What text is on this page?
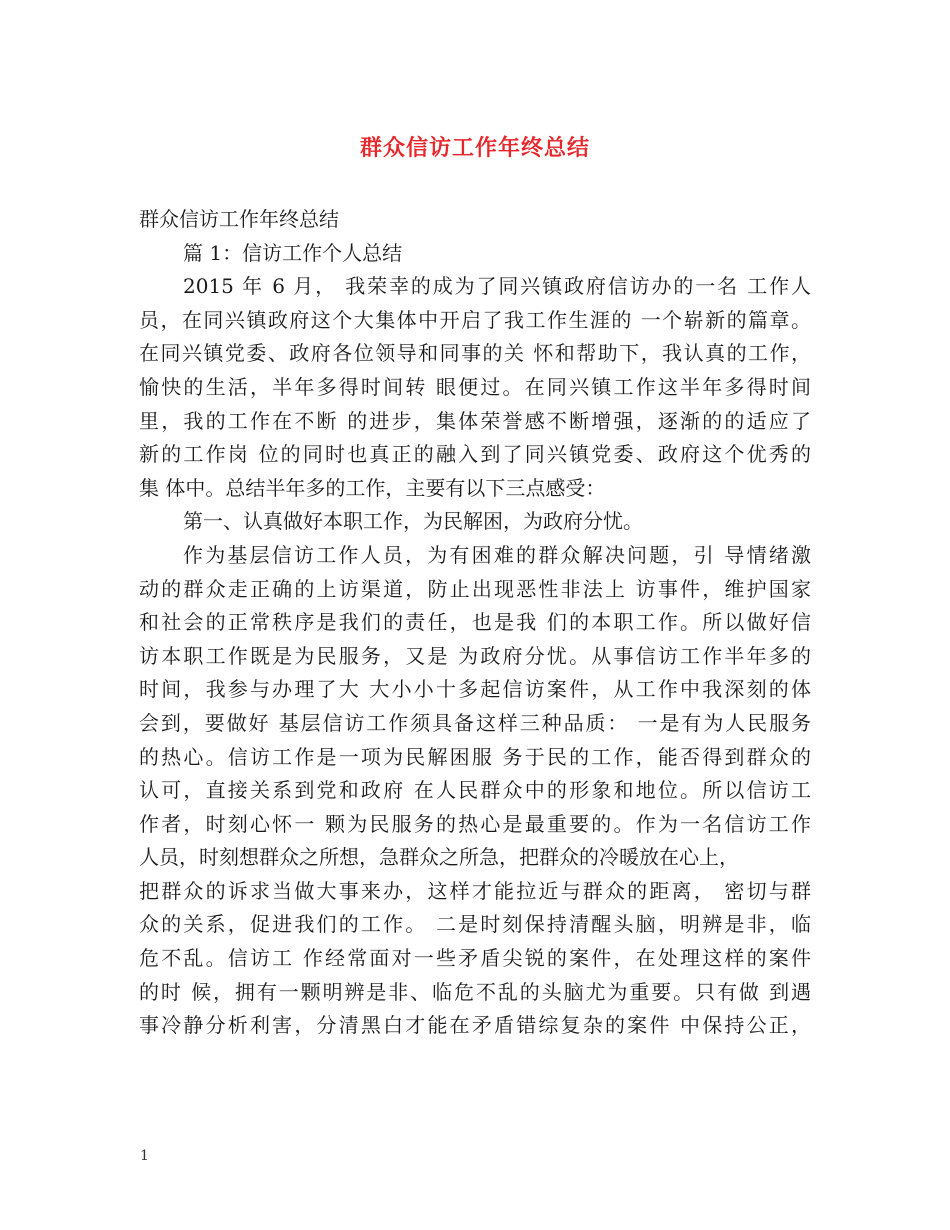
群众信访工作年终总结
群众信访工作年终总结
篇 1：信访工作个人总结
2015 年 6 月， 我荣幸的成为了同兴镇政府信访办的一名 工作人
员，在同兴镇政府这个大集体中开启了我工作生涯的 一个崭新的篇章。
在同兴镇党委、政府各位领导和同事的关 怀和帮助下，我认真的工作，
愉快的生活，半年多得时间转 眼便过。在同兴镇工作这半年多得时间
里，我的工作在不断 的进步，集体荣誉感不断增强，逐渐的的适应了
新的工作岗 位的同时也真正的融入到了同兴镇党委、政府这个优秀的
集 体中。总结半年多的工作，主要有以下三点感受：
第一、认真做好本职工作，为民解困，为政府分忧。
作为基层信访工作人员，为有困难的群众解决问题，引 导情绪激
动的群众走正确的上访渠道，防止出现恶性非法上 访事件，维护国家
和社会的正常秩序是我们的责任，也是我 们的本职工作。所以做好信
访本职工作既是为民服务，又是 为政府分忧。从事信访工作半年多的
时间，我参与办理了大 大小小十多起信访案件，从工作中我深刻的体
会到，要做好 基层信访工作须具备这样三种品质： 一是有为人民服务
的热心。信访工作是一项为民解困服 务于民的工作，能否得到群众的
认可，直接关系到党和政府 在人民群众中的形象和地位。所以信访工
作者，时刻心怀一 颗为民服务的热心是最重要的。作为一名信访工作
人员，时刻想群众之所想，急群众之所急，把群众的冷暖放在心上，
把群众的诉求当做大事来办，这样才能拉近与群众的距离， 密切与群
众的关系，促进我们的工作。 二是时刻保持清醒头脑，明辨是非，临
危不乱。信访工 作经常面对一些矛盾尖锐的案件，在处理这样的案件
的时 候，拥有一颗明辨是非、临危不乱的头脑尤为重要。只有做 到遇
事冷静分析利害，分清黑白才能在矛盾错综复杂的案件 中保持公正，
1
